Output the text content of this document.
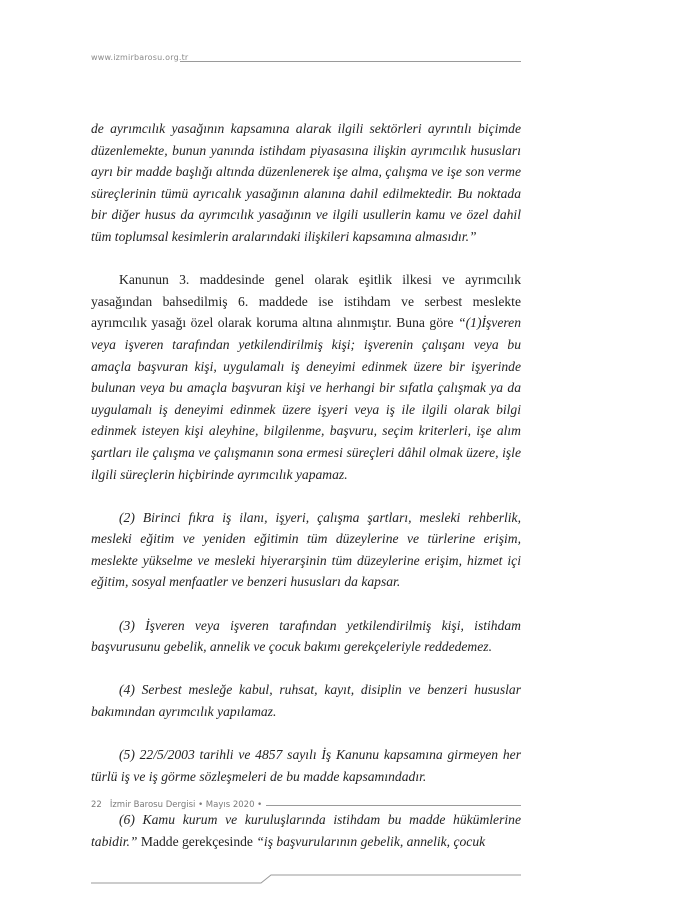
www.izmirbarosu.org.tr

de ayrımcılık yasağının kapsamına alarak ilgili sektörleri ayrıntılı biçimde düzenlemekte, bunun yanında istihdam piyasasına ilişkin ayrımcılık hususları ayrı bir madde başlığı altında düzenlenerek işe alma, çalışma ve işe son verme süreçlerinin tümü ayrıcalık yasağının alanına dahil edilmektedir. Bu noktada bir diğer husus da ayrımcılık yasağının ve ilgili usullerin kamu ve özel dahil tüm toplumsal kesimlerin aralarındaki ilişkileri kapsamına almasıdır.”

Kanunun 3. maddesinde genel olarak eşitlik ilkesi ve ayrımcılık yasağından bahsedilmiş 6. maddede ise istihdam ve serbest meslekte ayrımcılık yasağı özel olarak koruma altına alınmıştır. Buna göre “(1)İşveren veya işveren tarafından yetkilendirilmiş kişi; işverenin çalışanı veya bu amaçla başvuran kişi, uygulamalı iş deneyimi edinmek üzere bir işyerinde bulunan veya bu amaçla başvuran kişi ve herhangi bir sıfatla çalışmak ya da uygulamalı iş deneyimi edinmek üzere işyeri veya iş ile ilgili olarak bilgi edinmek isteyen kişi aleyhine, bilgilenme, başvuru, seçim kriterleri, işe alım şartları ile çalışma ve çalışmanın sona ermesi süreçleri dâhil olmak üzere, işle ilgili süreçlerin hiçbirinde ayrımcılık yapamaz.

(2) Birinci fıkra iş ilanı, işyeri, çalışma şartları, mesleki rehberlik, mesleki eğitim ve yeniden eğitimin tüm düzeylerine ve türlerine erişim, meslekte yükselme ve mesleki hiyerarşinin tüm düzeylerine erişim, hizmet içi eğitim, sosyal menfaatler ve benzeri hususları da kapsar.

(3) İşveren veya işveren tarafından yetkilendirilmiş kişi, istihdam başvurusunu gebelik, annelik ve çocuk bakımı gerekçeleriyle reddedemez.

(4) Serbest mesleğe kabul, ruhsat, kayıt, disiplin ve benzeri hususlar bakımından ayrımcılık yapılamaz.

(5) 22/5/2003 tarihli ve 4857 sayılı İş Kanunu kapsamına girmeyen her türlü iş ve iş görme sözleşmeleri de bu madde kapsamındadır.

(6) Kamu kurum ve kuruluşlarında istihdam bu madde hükümlerine tabidir.” Madde gerekçesinde “iş başvurularının gebelik, annelik, çocuk

22 İzmir Barosu Dergisi • Mayıs 2020 •
